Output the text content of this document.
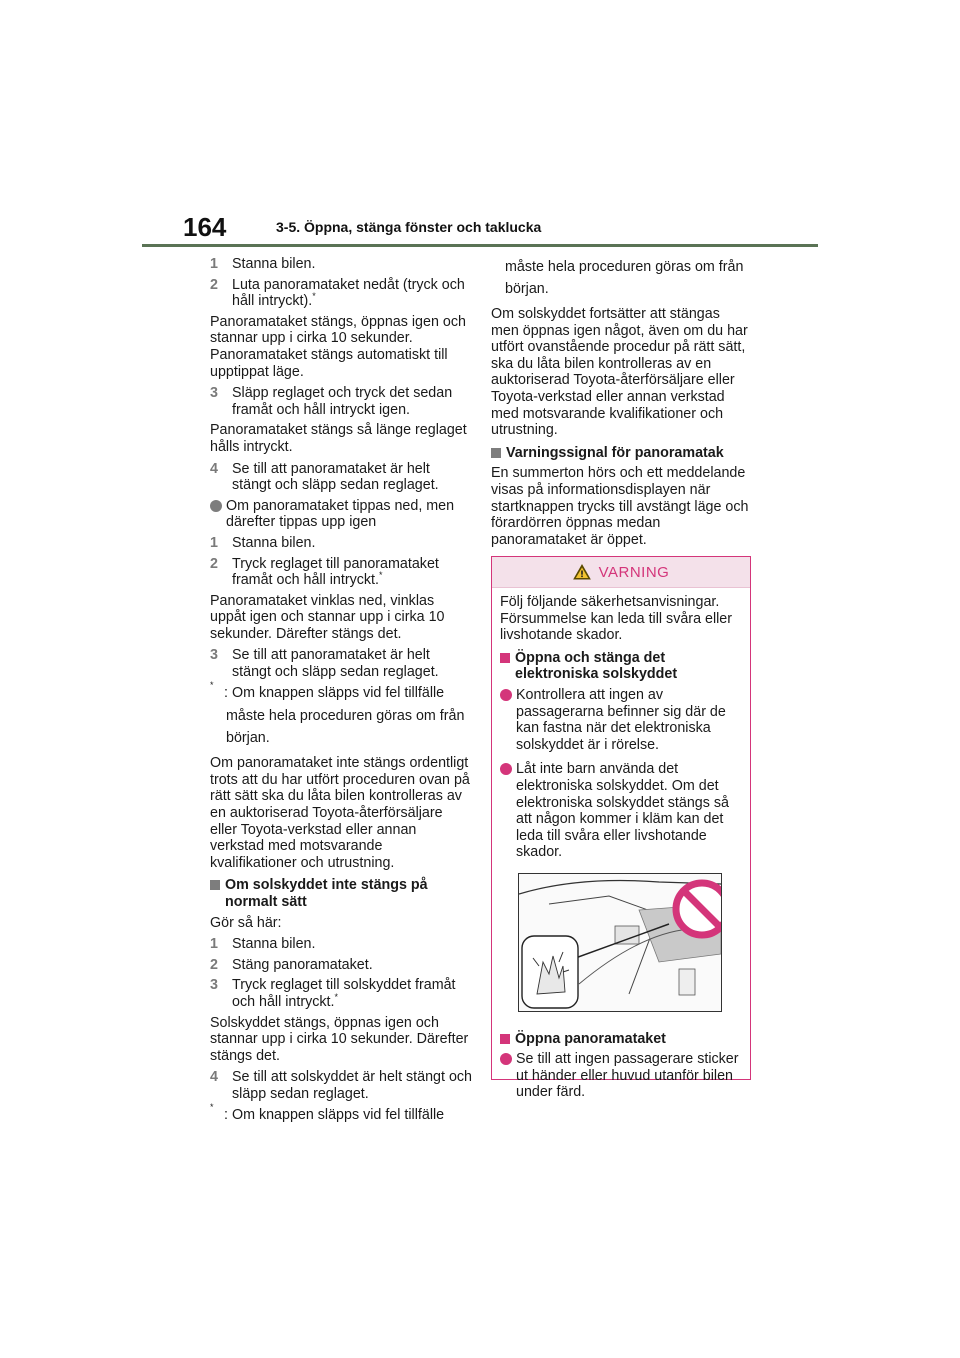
164	3-5. Öppna, stänga fönster och taklucka
1 Stanna bilen.
2 Luta panoramataket nedåt (tryck och håll intryckt).*

Panoramataket stängs, öppnas igen och stannar upp i cirka 10 sekunder. Panoramataket stängs automatiskt till upptippat läge.

3 Släpp reglaget och tryck det sedan framåt och håll intryckt igen.

Panoramataket stängs så länge reglaget hålls intryckt.

4 Se till att panoramataket är helt stängt och släpp sedan reglaget.
Om panoramataket tippas ned, men därefter tippas upp igen
1 Stanna bilen.
2 Tryck reglaget till panoramataket framåt och håll intryckt.*

Panoramataket vinklas ned, vinklas uppåt igen och stannar upp i cirka 10 sekunder. Därefter stängs det.

3 Se till att panoramataket är helt stängt och släpp sedan reglaget.
* : Om knappen släpps vid fel tillfälle
måste hela proceduren göras om från
början.

Om panoramataket inte stängs ordentligt trots att du har utfört proceduren ovan på rätt sätt ska du låta bilen kontrolleras av en auktoriserad Toyota-återförsäljare eller Toyota-verkstad eller annan verkstad med motsvarande kvalifikationer och utrustning.

Om solskyddet inte stängs på normalt sätt

Gör så här:

1 Stanna bilen.
2 Stäng panoramataket.
3 Tryck reglaget till solskyddet framåt och håll intryckt.*

Solskyddet stängs, öppnas igen och stannar upp i cirka 10 sekunder. Därefter stängs det.

4 Se till att solskyddet är helt stängt och släpp sedan reglaget.
* : Om knappen släpps vid fel tillfälle
måste hela proceduren göras om från
början.

Om solskyddet fortsätter att stängas men öppnas igen något, även om du har utfört ovanstående procedur på rätt sätt, ska du låta bilen kontrolleras av en auktoriserad Toyota-återförsäljare eller Toyota-verkstad eller annan verkstad med motsvarande kvalifikationer och utrustning.

Varningssignal för panoramatak

En summerton hörs och ett meddelande visas på informationsdisplayen när startknappen trycks till avstängt läge och förardörren öppnas medan panoramataket är öppet.

VARNING

Följ följande säkerhetsanvisningar. Försummelse kan leda till svåra eller livshotande skador.

Öppna och stänga det elektroniska solskyddet
Kontrollera att ingen av passagerarna befinner sig där de kan fastna när det elektroniska solskyddet är i rörelse.
Låt inte barn använda det elektroniska solskyddet. Om det elektroniska solskyddet stängs så att någon kommer i kläm kan det leda till svåra eller livshotande skador.
Öppna panoramataket
Se till att ingen passagerare sticker ut händer eller huvud utanför bilen under färd.
